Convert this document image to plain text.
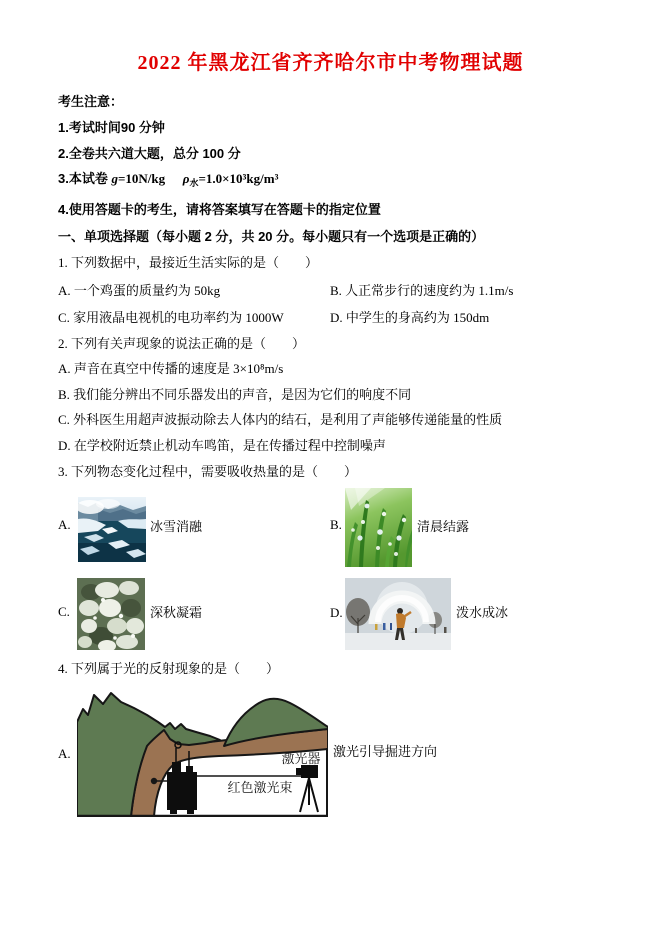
2022 年黑龙江省齐齐哈尔市中考物理试题
考生注意：
1.考试时间90 分钟
2.全卷共六道大题，总分 100 分
3.本试卷 g=10N/kg $\rho_水=1.0\times 10^3kg/m^3$
4.使用答题卡的考生，请将答案填写在答题卡的指定位置
一、单项选择题（每小题 2 分，共 20 分。每小题只有一个选项是正确的）
1. 下列数据中，最接近生活实际的是（　　）
A. 一个鸡蛋的质量约为 50kg	B. 人正常步行的速度约为 1.1m/s
C. 家用液晶电视机的电功率约为 1000W	D. 中学生的身高约为 150dm
2. 下列有关声现象的说法正确的是（　　）
A. 声音在真空中传播的速度是 3×10⁸m/s
B. 我们能分辨出不同乐器发出的声音，是因为它们的响度不同
C. 外科医生用超声波振动除去人体内的结石，是利用了声能够传递能量的性质
D. 在学校附近禁止机动车鸣笛，是在传播过程中控制噪声
3. 下列物态变化过程中，需要吸收热量的是（　　）
A.	冰雪消融	B.	清晨结露
C.	深秋凝霜	D.	泼水成冰
4. 下列属于光的反射现象的是（　　）
A.	激光器
红色激光束
激光引导掘进方向
